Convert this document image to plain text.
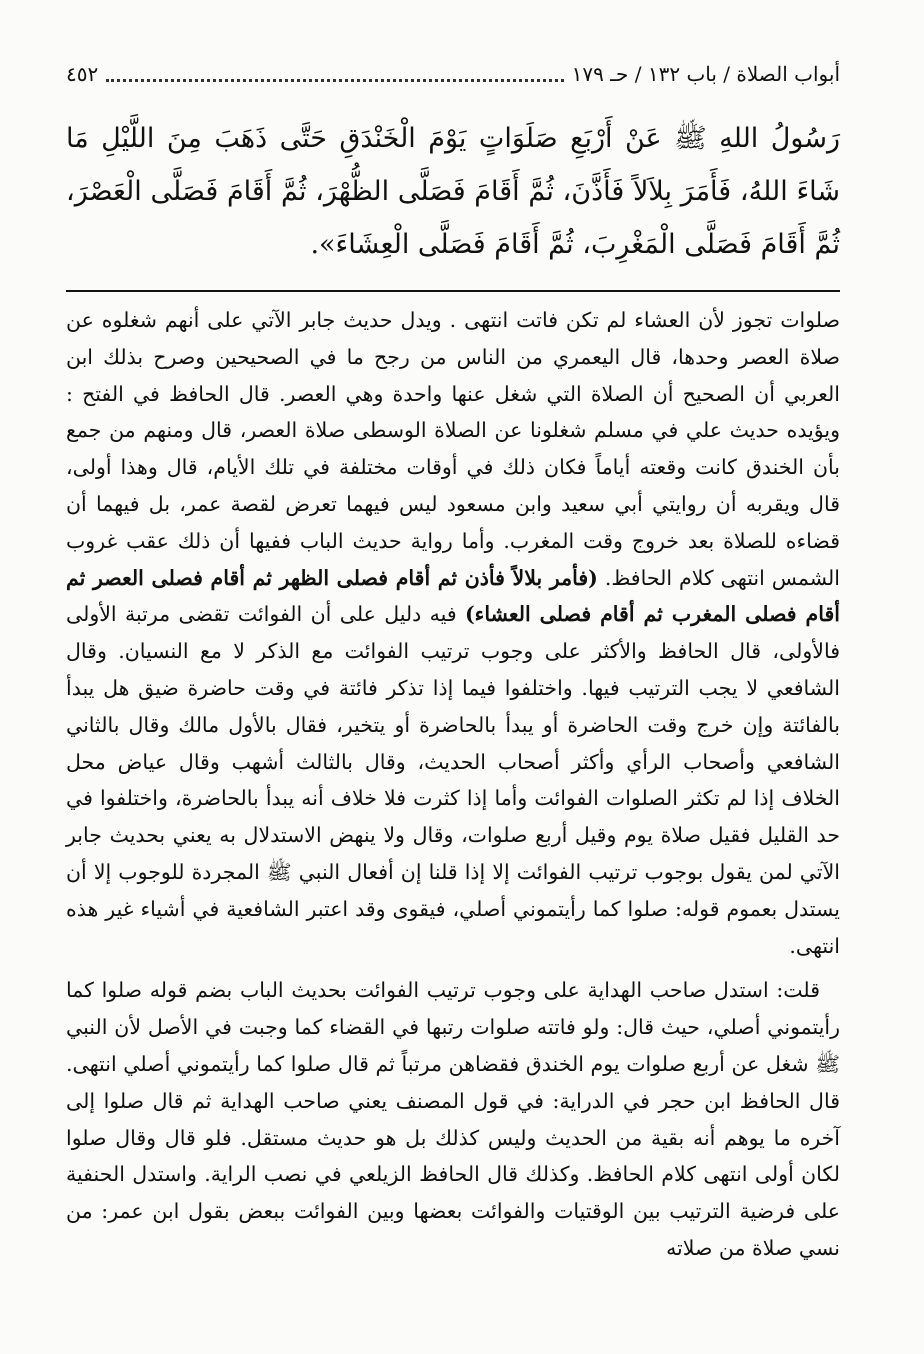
أبواب الصلاة / باب ١٣٢ / حـ ١٧٩
٤٥٢
رَسُولُ اللهِ ﷺ عَنْ أَرْبَعِ صَلَوَاتٍ يَوْمَ الْخَنْدَقِ حَتَّى ذَهَبَ مِنَ اللَّيْلِ مَا شَاءَ اللهُ، فَأَمَرَ بِلاَلاً فَأَذَّنَ، ثُمَّ أَقَامَ فَصَلَّى الظُّهْرَ، ثُمَّ أَقَامَ فَصَلَّى الْعَصْرَ، ثُمَّ أَقَامَ فَصَلَّى الْمَغْرِبَ، ثُمَّ أَقَامَ فَصَلَّى الْعِشَاءَ».

صلوات تجوز لأن العشاء لم تكن فاتت انتهى . ويدل حديث جابر الآتي على أنهم شغلوه عن صلاة العصر وحدها، قال اليعمري من الناس من رجح ما في الصحيحين وصرح بذلك ابن العربي أن الصحيح أن الصلاة التي شغل عنها واحدة وهي العصر. قال الحافظ في الفتح : ويؤيده حديث علي في مسلم شغلونا عن الصلاة الوسطى صلاة العصر، قال ومنهم من جمع بأن الخندق كانت وقعته أياماً فكان ذلك في أوقات مختلفة في تلك الأيام، قال وهذا أولى، قال ويقربه أن روايتي أبي سعيد وابن مسعود ليس فيهما تعرض لقصة عمر، بل فيهما أن قضاءه للصلاة بعد خروج وقت المغرب. وأما رواية حديث الباب ففيها أن ذلك عقب غروب الشمس انتهى كلام الحافظ. (فأمر بلالاً فأذن ثم أقام فصلى الظهر ثم أقام فصلى العصر ثم أقام فصلى المغرب ثم أقام فصلى العشاء) فيه دليل على أن الفوائت تقضى مرتبة الأولى فالأولى، قال الحافظ والأكثر على وجوب ترتيب الفوائت مع الذكر لا مع النسيان. وقال الشافعي لا يجب الترتيب فيها. واختلفوا فيما إذا تذكر فائتة في وقت حاضرة ضيق هل يبدأ بالفائتة وإن خرج وقت الحاضرة أو يبدأ بالحاضرة أو يتخير، فقال بالأول مالك وقال بالثاني الشافعي وأصحاب الرأي وأكثر أصحاب الحديث، وقال بالثالث أشهب وقال عياض محل الخلاف إذا لم تكثر الصلوات الفوائت وأما إذا كثرت فلا خلاف أنه يبدأ بالحاضرة، واختلفوا في حد القليل فقيل صلاة يوم وقيل أربع صلوات، وقال ولا ينهض الاستدلال به يعني بحديث جابر الآتي لمن يقول بوجوب ترتيب الفوائت إلا إذا قلنا إن أفعال النبي ﷺ المجردة للوجوب إلا أن يستدل بعموم قوله: صلوا كما رأيتموني أصلي، فيقوى وقد اعتبر الشافعية في أشياء غير هذه انتهى.

قلت: استدل صاحب الهداية على وجوب ترتيب الفوائت بحديث الباب بضم قوله صلوا كما رأيتموني أصلي، حيث قال: ولو فاتته صلوات رتبها في القضاء كما وجبت في الأصل لأن النبي ﷺ شغل عن أربع صلوات يوم الخندق فقضاهن مرتباً ثم قال صلوا كما رأيتموني أصلي انتهى. قال الحافظ ابن حجر في الدراية: في قول المصنف يعني صاحب الهداية ثم قال صلوا إلى آخره ما يوهم أنه بقية من الحديث وليس كذلك بل هو حديث مستقل. فلو قال وقال صلوا لكان أولى انتهى كلام الحافظ. وكذلك قال الحافظ الزيلعي في نصب الراية. واستدل الحنفية على فرضية الترتيب بين الوقتيات والفوائت بعضها وبين الفوائت ببعض بقول ابن عمر: من نسي صلاة من صلاته
